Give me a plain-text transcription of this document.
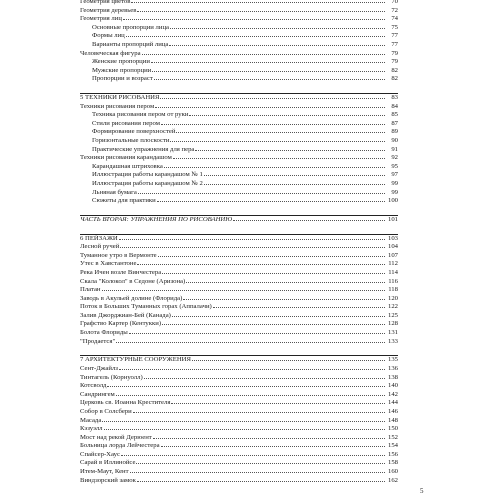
Геометрия цветов	70
Геометрия деревьев	72
Геометрия лиц	74
Основные пропорции лица	75
Формы лиц	77
Варианты пропорций лица	77
Человеческая фигура	79
Женские пропорции	79
Мужские пропорции	82
Пропорции и возраст	82
5 ТЕХНИКИ РИСОВАНИЯ	83
Техники рисования пером	84
Техника рисования пером от руки	85
Стили рисования пером	87
Формирование поверхностей	89
Горизонтальные плоскости	90
Практические упражнения для пера	91
Техники рисования карандашом	92
Карандашная штриховка	95
Иллюстрация работы карандашом № 1	97
Иллюстрация работы карандашом № 2	99
Льняная бумага	99
Сюжеты для практики	100
ЧАСТЬ ВТОРАЯ: УПРАЖНЕНИЯ ПО РИСОВАНИЮ	101
6 ПЕЙЗАЖИ	103
Лесной ручей	104
Туманное утро в Вермонте	107
Утес в Хавстантоне	112
Река Ичен возле Винчестера	114
Скала "Колокол" в Седоне (Аризона)	116
Платан	118
Заводь в Акульей долине (Флорида)	120
Поток в Больших Туманных горах (Аппалачи)	122
Залив Джорджиан-Бей (Канада)	125
Графство Картер (Кентукки)	128
Болота Флориды	131
"Продается"	133
7 АРХИТЕКТУРНЫЕ СООРУЖЕНИЯ	135
Сент-Джайлз	136
Тинтагель (Корнуолл)	138
Котсволд	140
Сандрингем	142
Церковь св. Иоанна Крестителя	144
Собор в Солсбери	146
Масада	148
Кэзуэлл	150
Мост над рекой Дерюент	152
Больница лорда Лейчестера	154
Спайсер-Хаус	156
Сарай в Иллинойсе	158
Итем-Маут, Кент	160
Виндзорский замок	162
5
